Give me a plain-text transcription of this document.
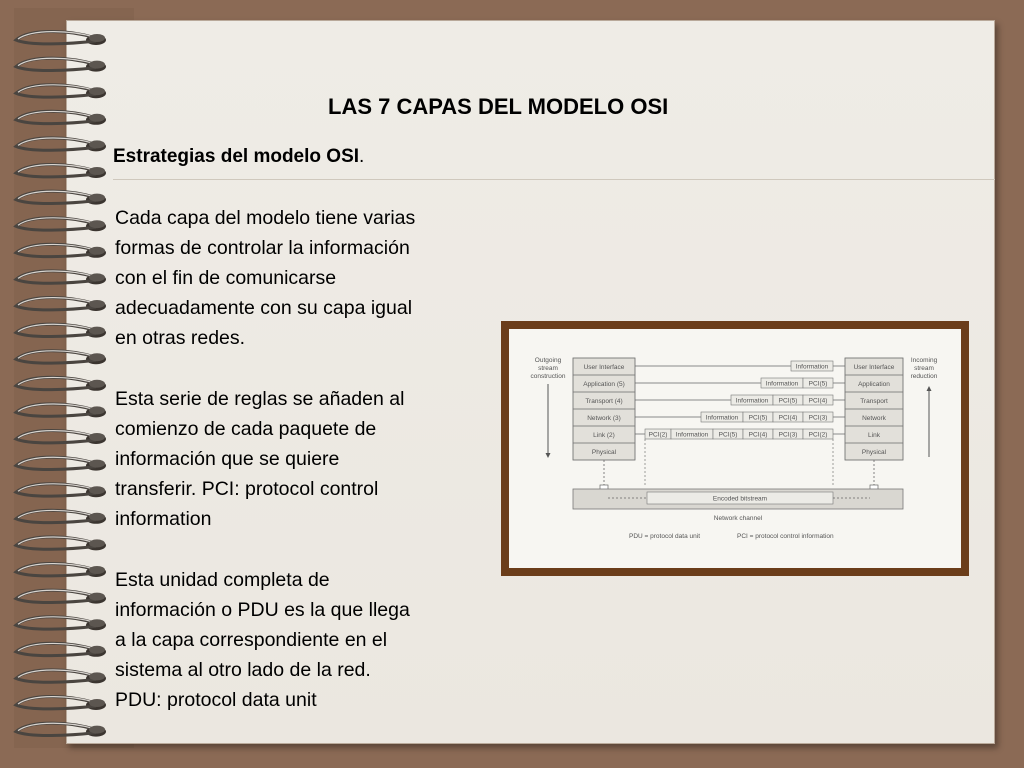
LAS 7 CAPAS DEL MODELO OSI
Estrategias del modelo OSI.

Cada capa del modelo tiene varias
formas de controlar la información
con el fin de comunicarse
adecuadamente con su capa igual
en otras redes.

Esta serie de reglas se añaden al
comienzo de cada paquete de
información que se quiere
transferir. PCI: protocol control
information

Esta unidad completa de
información o PDU es la que llega
a la capa correspondiente en el
sistema al otro lado de la red.
PDU: protocol data unit

Outgoing
stream
construction
Incoming
stream
reduction
User Interface
Application (5)
Transport (4)
Network (3)
Link (2)
Physical
User Interface
Application
Transport
Network
Link
Physical
Information
Information PCI(5)
Information PCI(5) PCI(4)
Information PCI(5) PCI(4) PCI(3)
PCI(2) Information PCI(5) PCI(4) PCI(3) PCI(2)
Encoded bitstream
Network channel
PDU = protocol data unit	PCI = protocol control information
